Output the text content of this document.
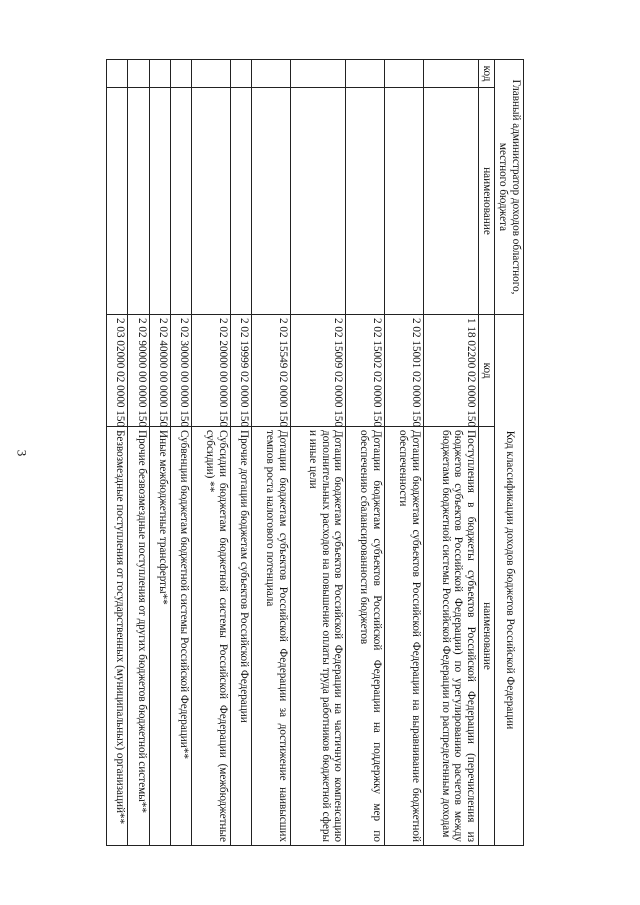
3
Главный администратор доходов областного, местного бюджета		Код классификации доходов бюджетов Российской Федерации	
код	наименование	код	наименование
		1 18 02200 02 0000 150	Поступления в бюджеты субъектов Российской Федерации (перечисления из бюджетов субъектов Российской Федерации) по урегулированию расчетов между бюджетами бюджетной системы Российской Федерации по распределенным доходам
		2 02 15001 02 0000 150	Дотации бюджетам субъектов Российской Федерации на выравнивание бюджетной обеспеченности
		2 02 15002 02 0000 150	Дотации бюджетам субъектов Российской Федерации на поддержку мер по обеспечению сбалансированности бюджетов
		2 02 15009 02 0000 150	Дотации бюджетам субъектов Российской Федерации на частичную компенсацию дополнительных расходов на повышение оплаты труда работников бюджетной сферы и иные цели
		2 02 15549 02 0000 150	Дотации бюджетам субъектов Российской Федерации за достижение наивысших темпов роста налогового потенциала
		2 02 19999 02 0000 150	Прочие дотации бюджетам субъектов Российской Федерации
		2 02 20000 00 0000 150	Субсидии бюджетам бюджетной системы Российской Федерации (межбюджетные субсидии) **
		2 02 30000 00 0000 150	Субвенции бюджетам бюджетной системы Российской Федерации**
		2 02 40000 00 0000 150	Иные межбюджетные трансферты**
		2 02 90000 00 0000 150	Прочие безвозмездные поступления от других бюджетов бюджетной системы**
		2 03 02000 02 0000 150	Безвозмездные поступления от государственных (муниципальных) организаций**
